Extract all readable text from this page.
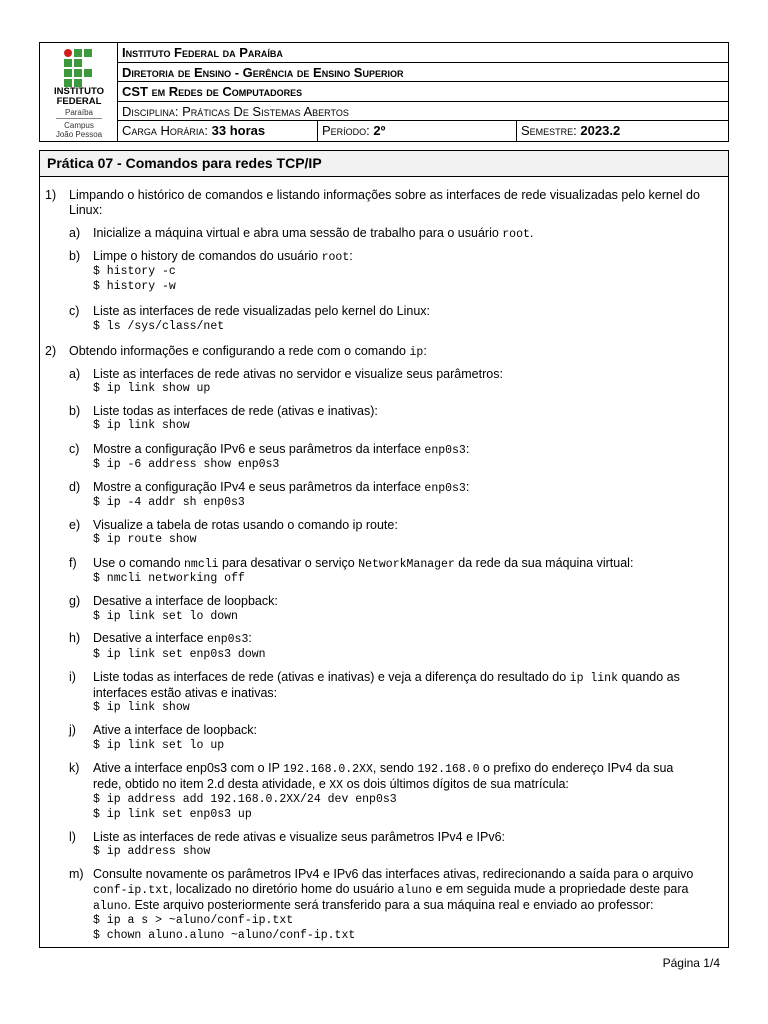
INSTITUTO
FEDERAL
Paraíba
Campus
João Pessoa
Instituto Federal da Paraíba
Diretoria de Ensino - Gerência de Ensino Superior
CST em Redes de Computadores
Disciplina: Práticas De Sistemas Abertos
Carga Horária: 33 horas	Período: 2º	Semestre: 2023.2
Prática 07 - Comandos para redes TCP/IP
1) Limpando o histórico de comandos e listando informações sobre as interfaces de rede visualizadas pelo kernel do
Linux:
a) Inicialize a máquina virtual e abra uma sessão de trabalho para o usuário root.
b) Limpe o history de comandos do usuário root:
$ history -c
$ history -w
c) Liste as interfaces de rede visualizadas pelo kernel do Linux:
$ ls /sys/class/net
2) Obtendo informações e configurando a rede com o comando ip:
a) Liste as interfaces de rede ativas no servidor e visualize seus parâmetros:
$ ip link show up
b) Liste todas as interfaces de rede (ativas e inativas):
$ ip link show
c) Mostre a configuração IPv6 e seus parâmetros da interface enp0s3:
$ ip -6 address show enp0s3
d) Mostre a configuração IPv4 e seus parâmetros da interface enp0s3:
$ ip -4 addr sh enp0s3
e) Visualize a tabela de rotas usando o comando ip route:
$ ip route show
f) Use o comando nmcli para desativar o serviço NetworkManager da rede da sua máquina virtual:
$ nmcli networking off
g) Desative a interface de loopback:
$ ip link set lo down
h) Desative a interface enp0s3:
$ ip link set enp0s3 down
i) Liste todas as interfaces de rede (ativas e inativas) e veja a diferença do resultado do ip link quando as
interfaces estão ativas e inativas:
$ ip link show
j) Ative a interface de loopback:
$ ip link set lo up
k) Ative a interface enp0s3 com o IP 192.168.0.2XX, sendo 192.168.0 o prefixo do endereço IPv4 da sua
rede, obtido no item 2.d desta atividade, e XX os dois últimos dígitos de sua matrícula:
$ ip address add 192.168.0.2XX/24 dev enp0s3
$ ip link set enp0s3 up
l) Liste as interfaces de rede ativas e visualize seus parâmetros IPv4 e IPv6:
$ ip address show
m) Consulte novamente os parâmetros IPv4 e IPv6 das interfaces ativas, redirecionando a saída para o arquivo
conf-ip.txt, localizado no diretório home do usuário aluno e em seguida mude a propriedade deste para
aluno. Este arquivo posteriormente será transferido para a sua máquina real e enviado ao professor:
$ ip a s > ~aluno/conf-ip.txt
$ chown aluno.aluno ~aluno/conf-ip.txt
Página 1/4
